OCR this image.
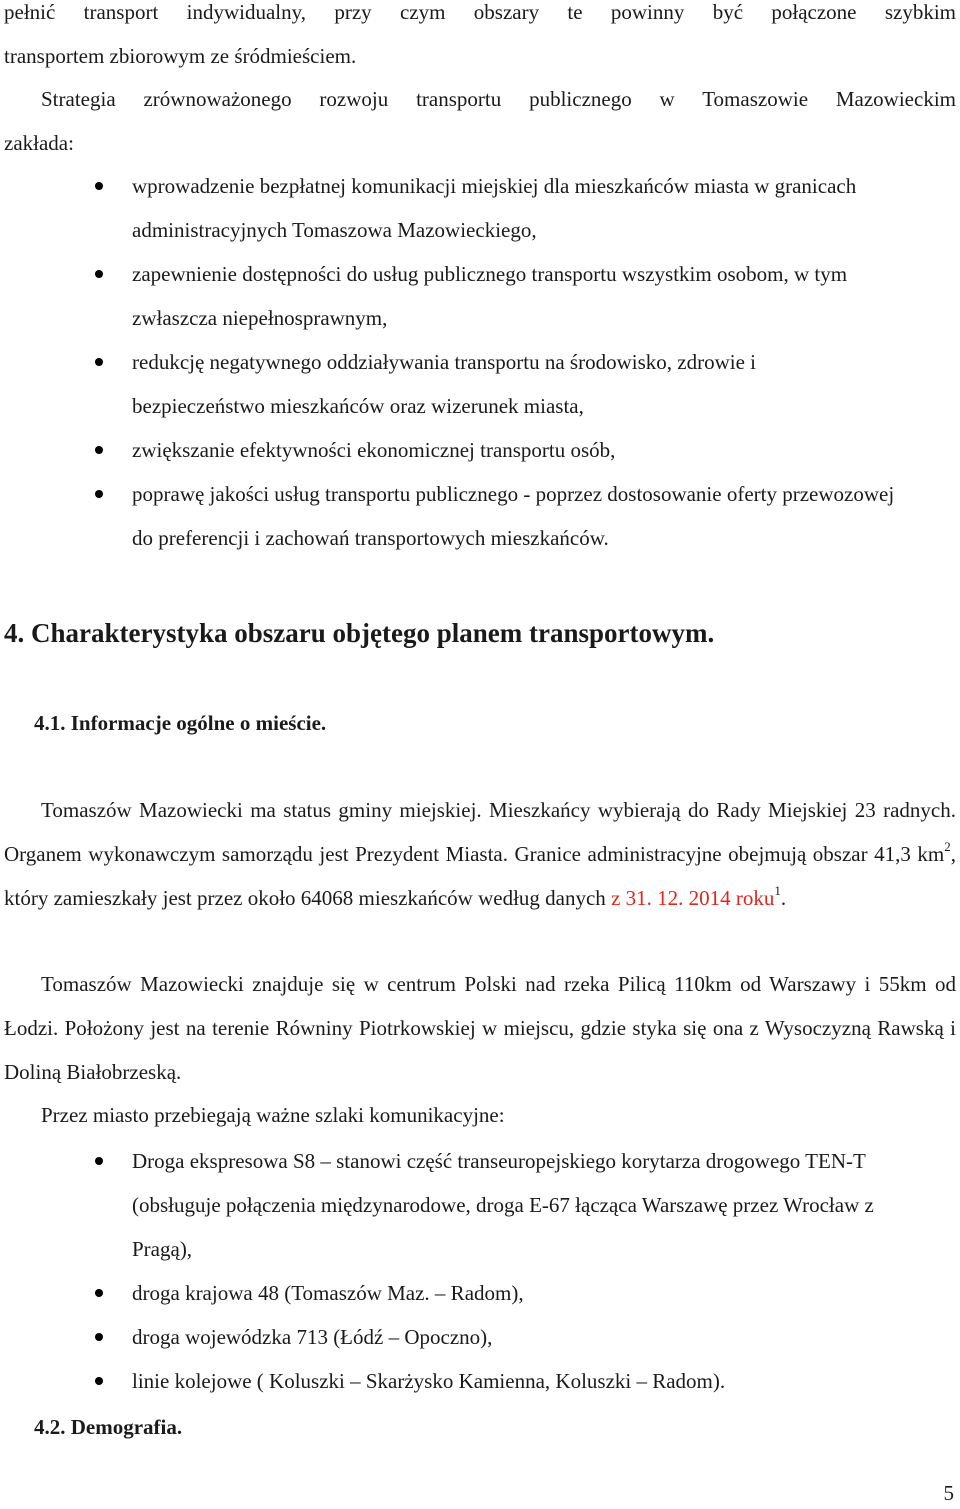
pełnić transport indywidualny, przy czym obszary te powinny być połączone szybkim
transportem zbiorowym ze śródmieściem.
Strategia zrównoważonego rozwoju transportu publicznego w Tomaszowie Mazowieckim
zakłada:
wprowadzenie bezpłatnej komunikacji miejskiej dla mieszkańców miasta w granicach administracyjnych Tomaszowa Mazowieckiego,
zapewnienie dostępności do usług publicznego transportu wszystkim osobom, w tym zwłaszcza niepełnosprawnym,
redukcję negatywnego oddziaływania transportu na środowisko, zdrowie i bezpieczeństwo mieszkańców oraz wizerunek miasta,
zwiększanie efektywności ekonomicznej transportu osób,
poprawę jakości usług transportu publicznego - poprzez dostosowanie oferty przewozowej do preferencji i zachowań transportowych mieszkańców.
4. Charakterystyka obszaru objętego planem transportowym.
4.1. Informacje ogólne o mieście.
Tomaszów Mazowiecki ma status gminy miejskiej. Mieszkańcy wybierają do Rady Miejskiej 23 radnych. Organem wykonawczym samorządu jest Prezydent Miasta. Granice administracyjne obejmują obszar 41,3 $km^2$, który zamieszkały jest przez około 64068 mieszkańców według danych z 31. 12. 2014 roku$^1$.
Tomaszów Mazowiecki znajduje się w centrum Polski nad rzeka Pilicą 110km od Warszawy i 55km od Łodzi. Położony jest na terenie Równiny Piotrkowskiej w miejscu, gdzie styka się ona z Wysoczyzną Rawską i Doliną Białobrzeską.
Przez miasto przebiegają ważne szlaki komunikacyjne:
Droga ekspresowa S8 – stanowi część transeuropejskiego korytarza drogowego TEN-T (obsługuje połączenia międzynarodowe, droga E-67 łącząca Warszawę przez Wrocław z Pragą),
droga krajowa 48 (Tomaszów Maz. – Radom),
droga wojewódzka 713 (Łódź – Opoczno),
linie kolejowe ( Koluszki – Skarżysko Kamienna, Koluszki – Radom).
4.2. Demografia.
5
